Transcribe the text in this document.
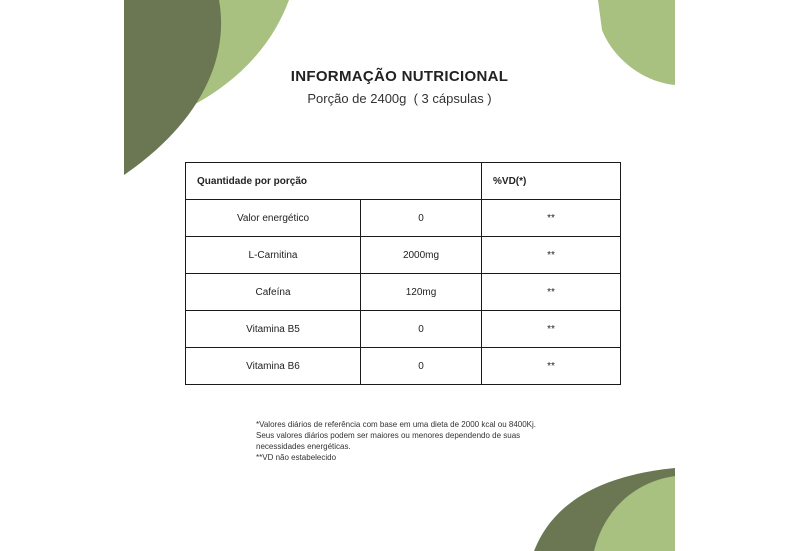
INFORMAÇÃO NUTRICIONAL
Porção de 2400g  ( 3 cápsulas )
Quantidade por porção		%VD(*)
Valor energético	0	**
L-Carnitina	2000mg	**
Cafeína	120mg	**
Vitamina B5	0	**
Vitamina B6	0	**
*Valores diários de referência com base em uma dieta de 2000 kcal ou 8400Kj.
Seus valores diários podem ser maiores ou menores dependendo de suas
necessidades energéticas.
**VD não estabelecido
